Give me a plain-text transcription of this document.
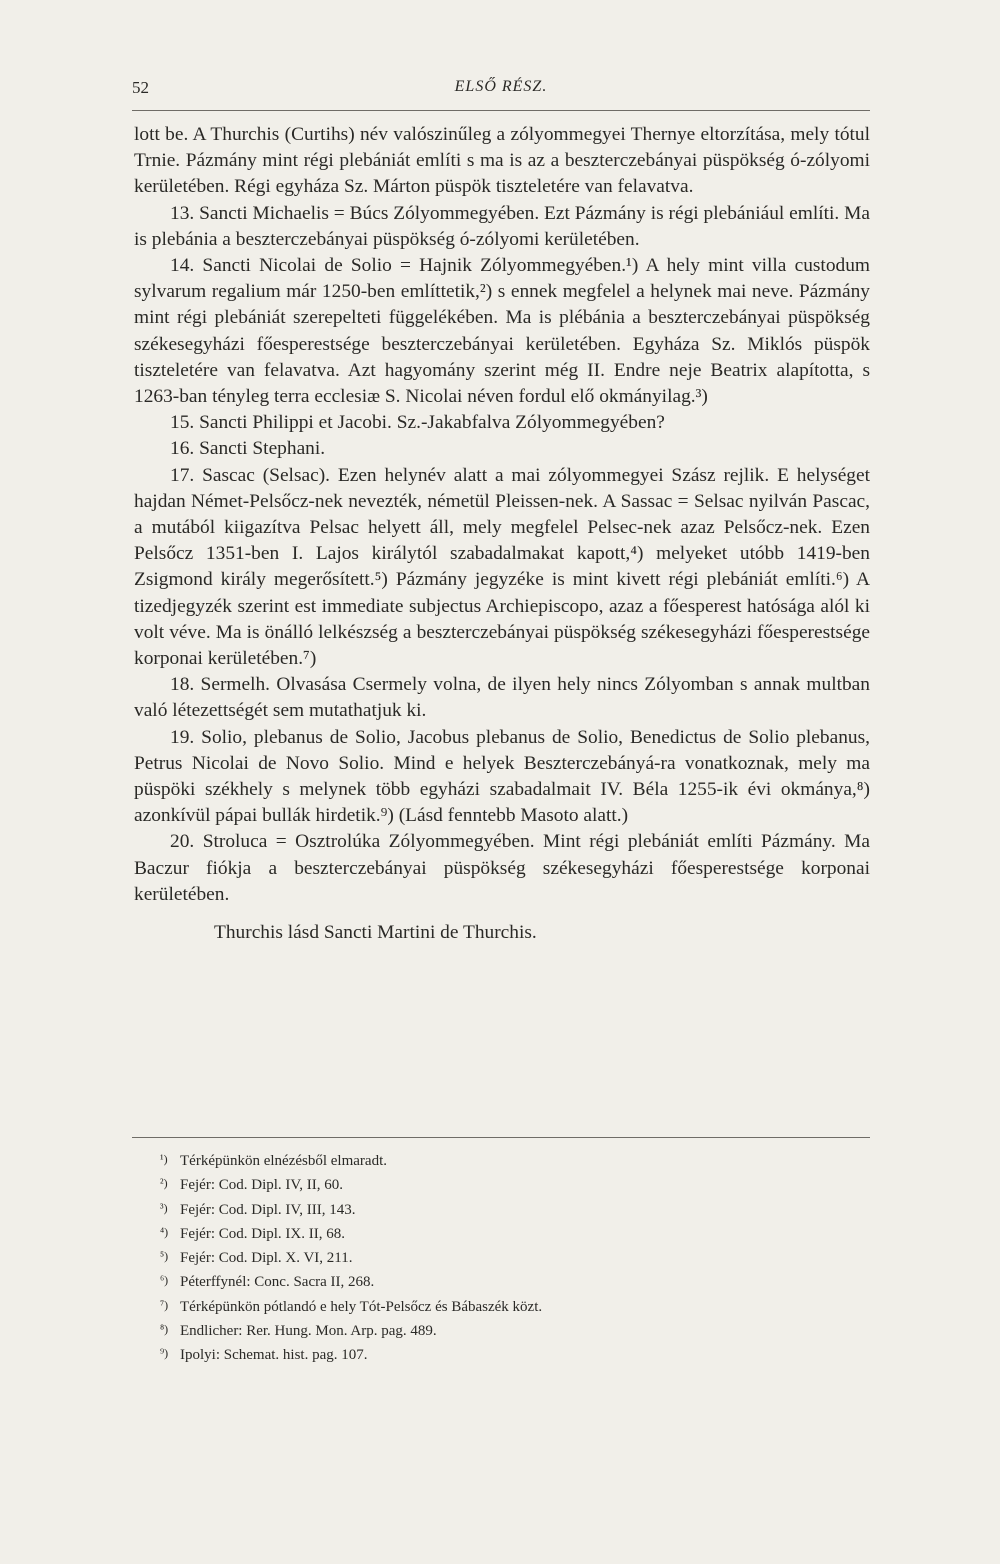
52	ELSŐ RÉSZ.

lott be. A Thurchis (Curtihs) név valószinűleg a zólyommegyei Thernye eltorzítása, mely tótul Trnie. Pázmány mint régi plebániát említi s ma is az a beszterczebányai püspökség ó-zólyomi kerületében. Régi egyháza Sz. Márton püspök tiszteletére van felavatva.

13. Sancti Michaelis = Búcs Zólyommegyében. Ezt Pázmány is régi plebániául említi. Ma is plebánia a beszterczebányai püspökség ó-zólyomi kerületében.

14. Sancti Nicolai de Solio = Hajnik Zólyommegyében.¹) A hely mint villa custodum sylvarum regalium már 1250-ben említtetik,²) s ennek megfelel a helynek mai neve. Pázmány mint régi plebániát szerepelteti függelékében. Ma is plébánia a beszterczebányai püspökség székesegyházi főesperestsége beszterczebányai kerületében. Egyháza Sz. Miklós püspök tiszteletére van felavatva. Azt hagyomány szerint még II. Endre neje Beatrix alapította, s 1263-ban tényleg terra ecclesiæ S. Nicolai néven fordul elő okmányilag.³)

15. Sancti Philippi et Jacobi. Sz.-Jakabfalva Zólyommegyében?

16. Sancti Stephani.

17. Sascac (Selsac). Ezen helynév alatt a mai zólyommegyei Szász rejlik. E helységet hajdan Német-Pelsőcz-nek nevezték, németül Pleissen-nek. A Sassac = Selsac nyilván Pascac, a mutából kiigazítva Pelsac helyett áll, mely megfelel Pelsec-nek azaz Pelsőcz-nek. Ezen Pelsőcz 1351-ben I. Lajos királytól szabadalmakat kapott,⁴) melyeket utóbb 1419-ben Zsigmond király megerősített.⁵) Pázmány jegyzéke is mint kivett régi plebániát említi.⁶) A tizedjegyzék szerint est immediate subjectus Archiepiscopo, azaz a főesperest hatósága alól ki volt véve. Ma is önálló lelkészség a beszterczebányai püspökség székesegyházi főesperestsége korponai kerületében.⁷)

18. Sermelh. Olvasása Csermely volna, de ilyen hely nincs Zólyomban s annak multban való létezettségét sem mutathatjuk ki.

19. Solio, plebanus de Solio, Jacobus plebanus de Solio, Benedictus de Solio plebanus, Petrus Nicolai de Novo Solio. Mind e helyek Beszterczebányá-ra vonatkoznak, mely ma püspöki székhely s melynek több egyházi szabadalmait IV. Béla 1255-ik évi okmánya,⁸) azonkívül pápai bullák hirdetik.⁹) (Lásd fenntebb Masoto alatt.)

20. Stroluca = Osztrolúka Zólyommegyében. Mint régi plebániát említi Pázmány. Ma Baczur fiókja a beszterczebányai püspökség székesegyházi főesperestsége korponai kerületében.

Thurchis lásd Sancti Martini de Thurchis.

¹) Térképünkön elnézésből elmaradt.
²) Fejér: Cod. Dipl. IV, II, 60.
³) Fejér: Cod. Dipl. IV, III, 143.
⁴) Fejér: Cod. Dipl. IX. II, 68.
⁵) Fejér: Cod. Dipl. X. VI, 211.
⁶) Péterffynél: Conc. Sacra II, 268.
⁷) Térképünkön pótlandó e hely Tót-Pelsőcz és Bábaszék közt.
⁸) Endlicher: Rer. Hung. Mon. Arp. pag. 489.
⁹) Ipolyi: Schemat. hist. pag. 107.
